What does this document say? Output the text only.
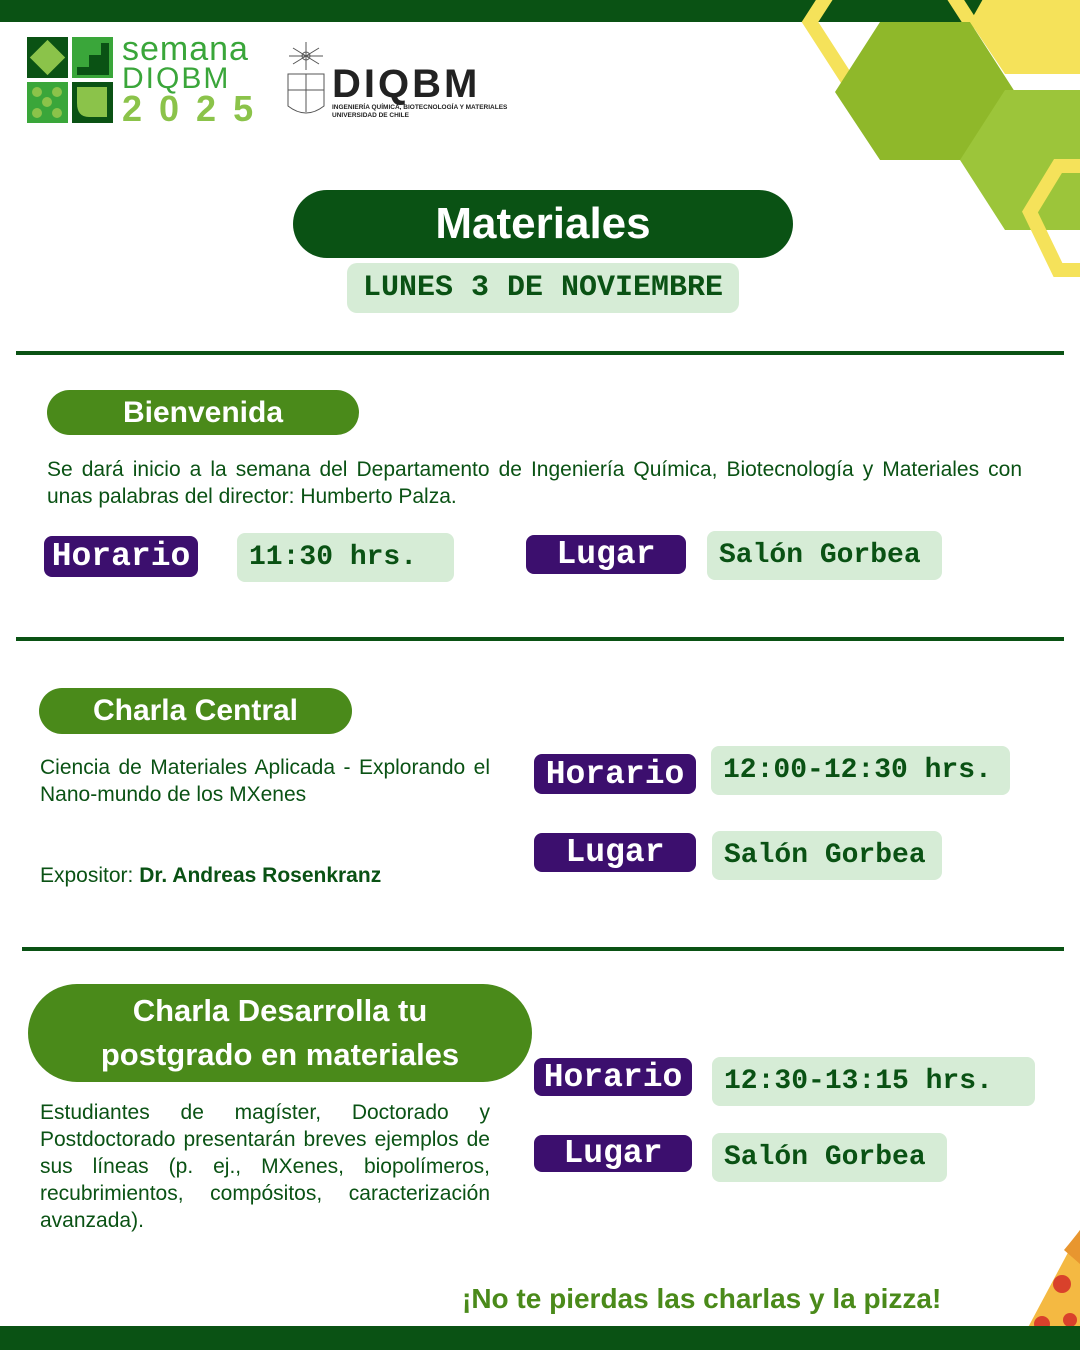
semana
DIQBM
2025
DIQBM
INGENIERÍA QUÍMICA, BIOTECNOLOGÍA Y MATERIALES
UNIVERSIDAD DE CHILE
Materiales
LUNES 3 DE NOVIEMBRE
Bienvenida
Se dará inicio a la semana del Departamento de Ingeniería Química, Biotecnología y Materiales con unas palabras del director: Humberto Palza.
Horario	11:30 hrs.	Lugar	Salón Gorbea
Charla Central
Ciencia de Materiales Aplicada - Explorando el Nano-mundo de los MXenes
Expositor: Dr. Andreas Rosenkranz
Horario	12:00-12:30 hrs.
Lugar	Salón Gorbea
Charla Desarrolla tu
postgrado en materiales
Estudiantes de magíster, Doctorado y Postdoctorado presentarán breves ejemplos de sus líneas (p. ej., MXenes, biopolímeros, recubrimientos, compósitos, caracterización avanzada).
Horario	12:30-13:15 hrs.
Lugar	Salón Gorbea
¡No te pierdas las charlas y la pizza!
